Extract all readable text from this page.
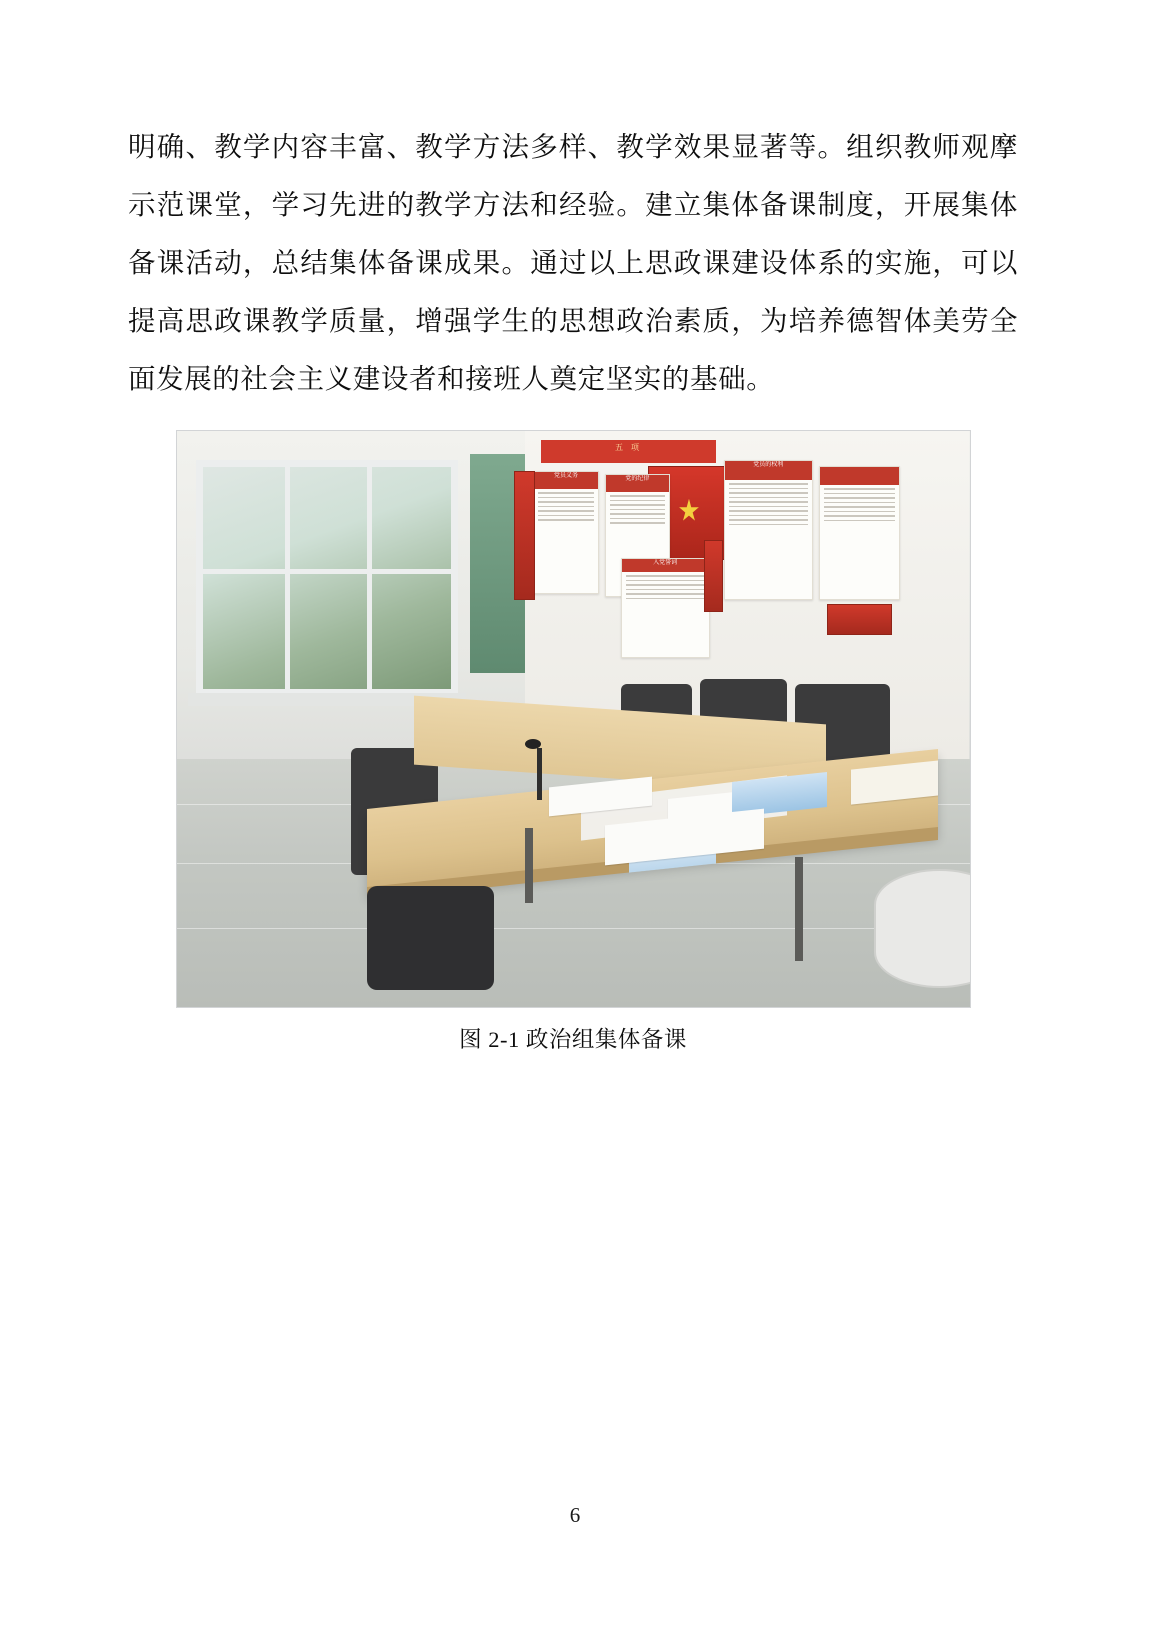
明确、教学内容丰富、教学方法多样、教学效果显著等。组织教师观摩示范课堂，学习先进的教学方法和经验。建立集体备课制度，开展集体备课活动，总结集体备课成果。通过以上思政课建设体系的实施，可以提高思政课教学质量，增强学生的思想政治素质，为培养德智体美劳全面发展的社会主义建设者和接班人奠定坚实的基础。

五 项
党员的权利
党员义务	党的纪律
入党誓词
图 2-1 政治组集体备课
6
